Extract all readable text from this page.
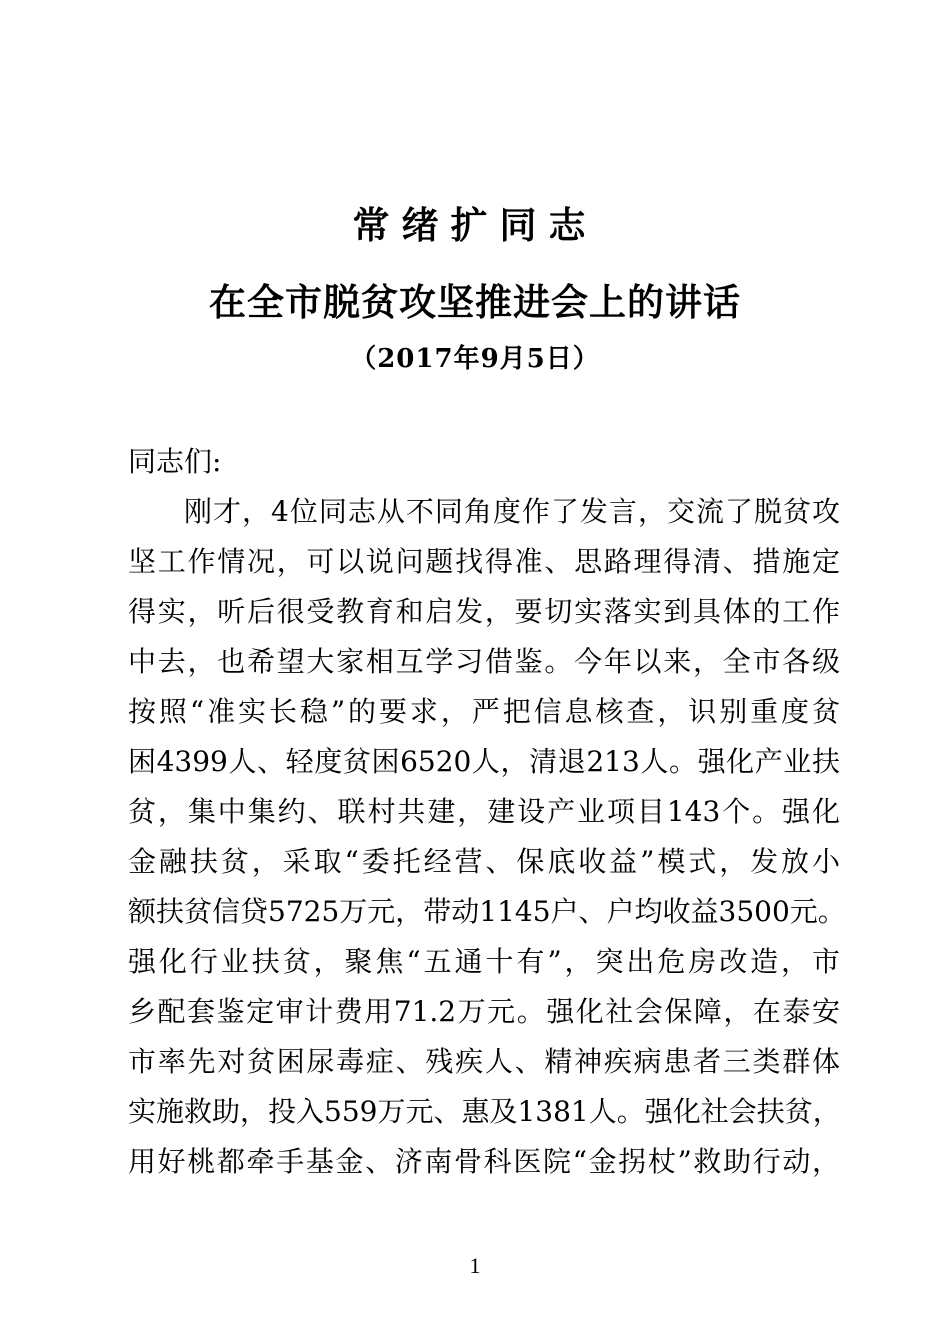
常绪扩同志
在全市脱贫攻坚推进会上的讲话
（2017年9月5日）
同志们:
刚才，4位同志从不同角度作了发言，交流了脱贫攻
坚工作情况，可以说问题找得准、思路理得清、措施定
得实，听后很受教育和启发，要切实落实到具体的工作
中去，也希望大家相互学习借鉴。今年以来，全市各级
按照“准实长稳”的要求，严把信息核查，识别重度贫
困4399人、轻度贫困6520人，清退213人。强化产业扶
贫，集中集约、联村共建，建设产业项目143个。强化
金融扶贫，采取“委托经营、保底收益”模式，发放小
额扶贫信贷5725万元，带动1145户、户均收益3500元。
强化行业扶贫，聚焦“五通十有”，突出危房改造，市
乡配套鉴定审计费用71.2万元。强化社会保障，在泰安
市率先对贫困尿毒症、残疾人、精神疾病患者三类群体
实施救助，投入559万元、惠及1381人。强化社会扶贫，
用好桃都牵手基金、济南骨科医院“金拐杖”救助行动，
1
